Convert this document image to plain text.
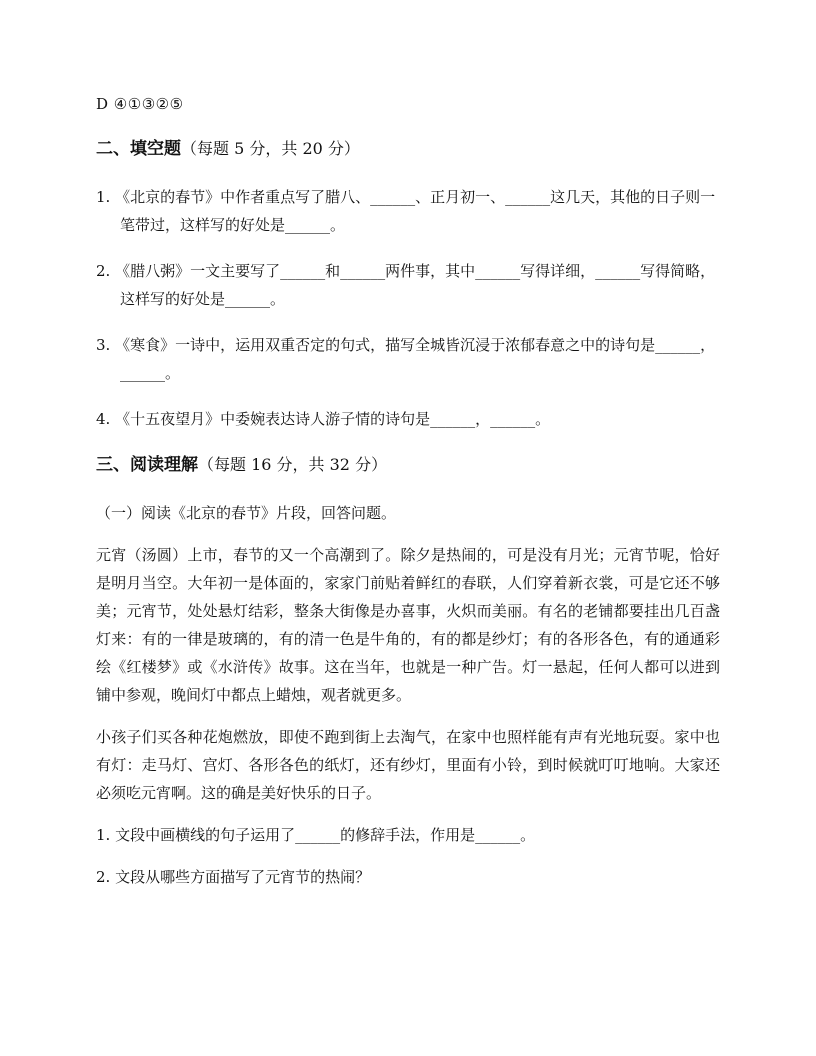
D ④①③②⑤

二、填空题（每题 5 分，共 20 分）

1. 《北京的春节》中作者重点写了腊八、______、正月初一、______这几天，其他的日子则一笔带过，这样写的好处是______。

2. 《腊八粥》一文主要写了______和______两件事，其中______写得详细，______写得简略，这样写的好处是______。

3. 《寒食》一诗中，运用双重否定的句式，描写全城皆沉浸于浓郁春意之中的诗句是______，______。

4. 《十五夜望月》中委婉表达诗人游子情的诗句是______，______。

三、阅读理解（每题 16 分，共 32 分）

（一）阅读《北京的春节》片段，回答问题。

元宵（汤圆）上市，春节的又一个高潮到了。除夕是热闹的，可是没有月光；元宵节呢，恰好是明月当空。大年初一是体面的，家家门前贴着鲜红的春联，人们穿着新衣裳，可是它还不够美；元宵节，处处悬灯结彩，整条大街像是办喜事，火炽而美丽。有名的老铺都要挂出几百盏灯来：有的一律是玻璃的，有的清一色是牛角的，有的都是纱灯；有的各形各色，有的通通彩绘《红楼梦》或《水浒传》故事。这在当年，也就是一种广告。灯一悬起，任何人都可以进到铺中参观，晚间灯中都点上蜡烛，观者就更多。

小孩子们买各种花炮燃放，即使不跑到街上去淘气，在家中也照样能有声有光地玩耍。家中也有灯：走马灯、宫灯、各形各色的纸灯，还有纱灯，里面有小铃，到时候就叮叮地响。大家还必须吃元宵啊。这的确是美好快乐的日子。

1. 文段中画横线的句子运用了______的修辞手法，作用是______。

2. 文段从哪些方面描写了元宵节的热闹？
